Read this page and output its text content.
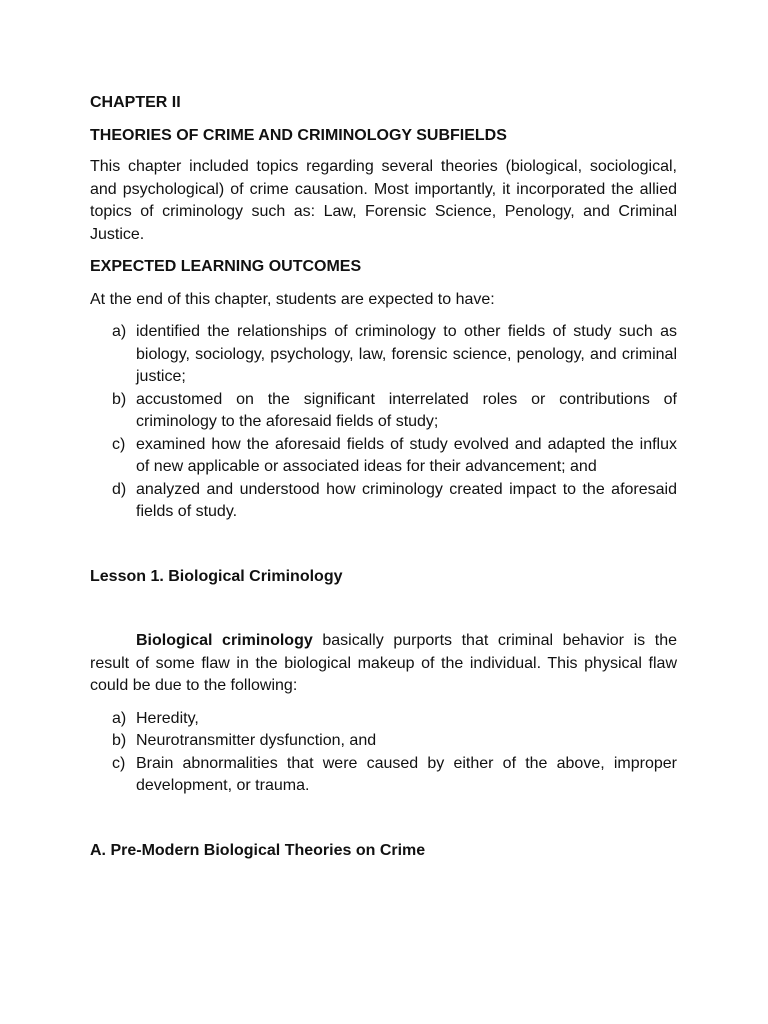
CHAPTER II

THEORIES OF CRIME AND CRIMINOLOGY SUBFIELDS

This chapter included topics regarding several theories (biological, sociological, and psychological) of crime causation. Most importantly, it incorporated the allied topics of criminology such as: Law, Forensic Science, Penology, and Criminal Justice.

EXPECTED LEARNING OUTCOMES

At the end of this chapter, students are expected to have:

a) identified the relationships of criminology to other fields of study such as biology, sociology, psychology, law, forensic science, penology, and criminal justice;
b) accustomed on the significant interrelated roles or contributions of criminology to the aforesaid fields of study;
c) examined how the aforesaid fields of study evolved and adapted the influx of new applicable or associated ideas for their advancement; and
d) analyzed and understood how criminology created impact to the aforesaid fields of study.

Lesson 1. Biological Criminology

Biological criminology basically purports that criminal behavior is the result of some flaw in the biological makeup of the individual. This physical flaw could be due to the following:

a) Heredity,
b) Neurotransmitter dysfunction, and
c) Brain abnormalities that were caused by either of the above, improper development, or trauma.

A. Pre-Modern Biological Theories on Crime
